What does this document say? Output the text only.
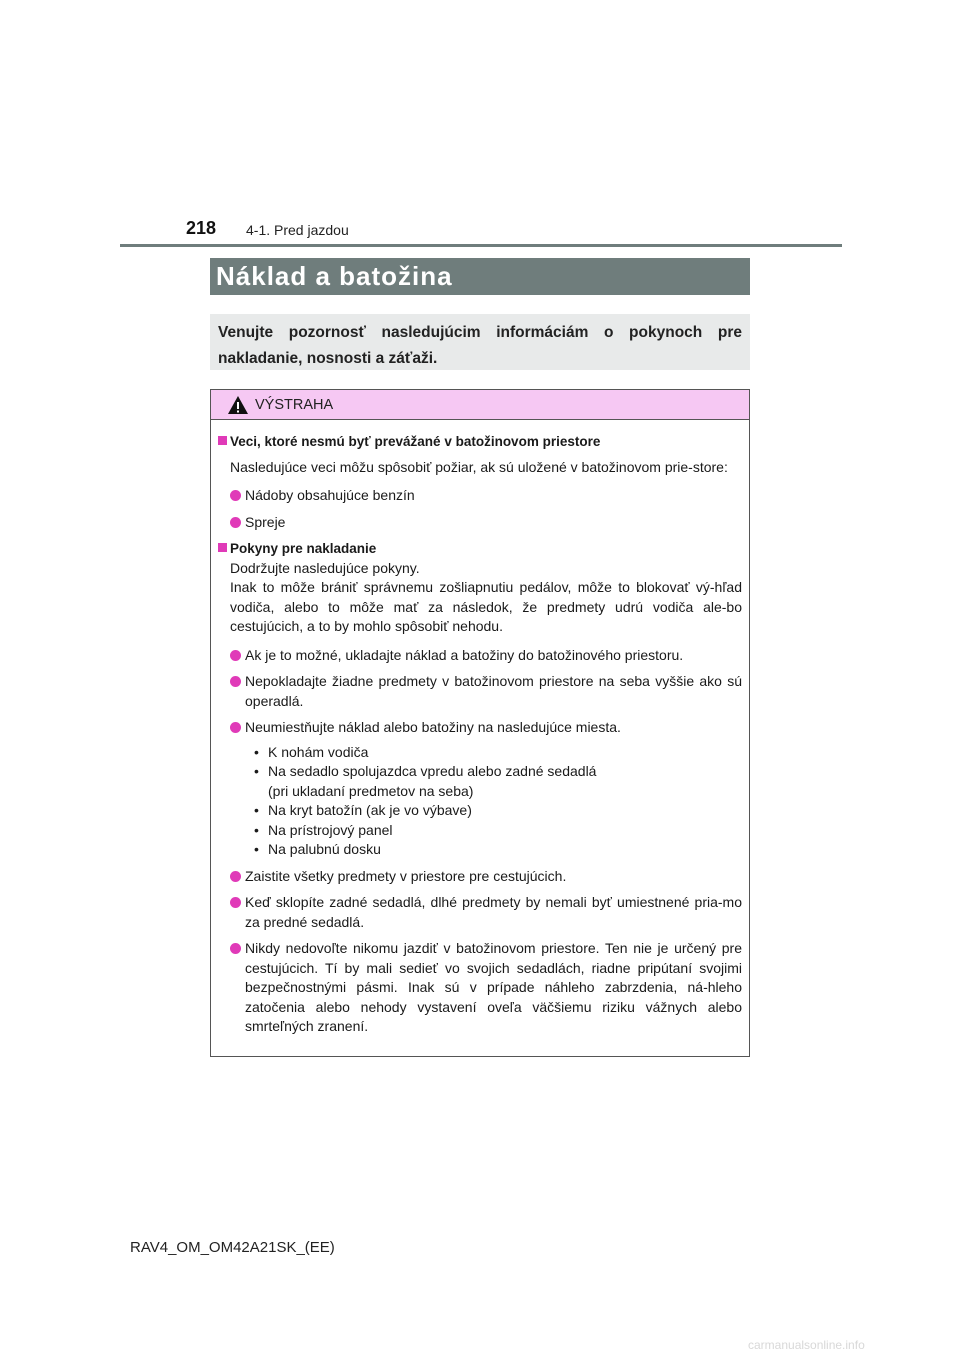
218 4-1. Pred jazdou
Náklad a batožina
Venujte pozornosť nasledujúcim informáciám o pokynoch pre nakladanie, nosnosti a záťaži.
VÝSTRAHA
Veci, ktoré nesmú byť prevážané v batožinovom priestore
Nasledujúce veci môžu spôsobiť požiar, ak sú uložené v batožinovom prie-store:
Nádoby obsahujúce benzín
Spreje
Pokyny pre nakladanie
Dodržujte nasledujúce pokyny.
Inak to môže brániť správnemu zošliapnutiu pedálov, môže to blokovať vý-hľad vodiča, alebo to môže mať za následok, že predmety udrú vodiča ale-bo cestujúcich, a to by mohlo spôsobiť nehodu.
Ak je to možné, ukladajte náklad a batožiny do batožinového priestoru.
Nepokladajte žiadne predmety v batožinovom priestore na seba vyššie ako sú operadlá.
Neumiestňujte náklad alebo batožiny na nasledujúce miesta.
• K nohám vodiča
• Na sedadlo spolujazdca vpredu alebo zadné sedadlá
(pri ukladaní predmetov na seba)
• Na kryt batožín (ak je vo výbave)
• Na prístrojový panel
• Na palubnú dosku
Zaistite všetky predmety v priestore pre cestujúcich.
Keď sklopíte zadné sedadlá, dlhé predmety by nemali byť umiestnené pria-mo za predné sedadlá.
Nikdy nedovoľte nikomu jazdiť v batožinovom priestore. Ten nie je určený pre cestujúcich. Tí by mali sedieť vo svojich sedadlách, riadne pripútaní svojimi bezpečnostnými pásmi. Inak sú v prípade náhleho zabrzdenia, ná-hleho zatočenia alebo nehody vystavení oveľa väčšiemu riziku vážnych alebo smrteľných zranení.
RAV4_OM_OM42A21SK_(EE)
carmanualsonline.info
